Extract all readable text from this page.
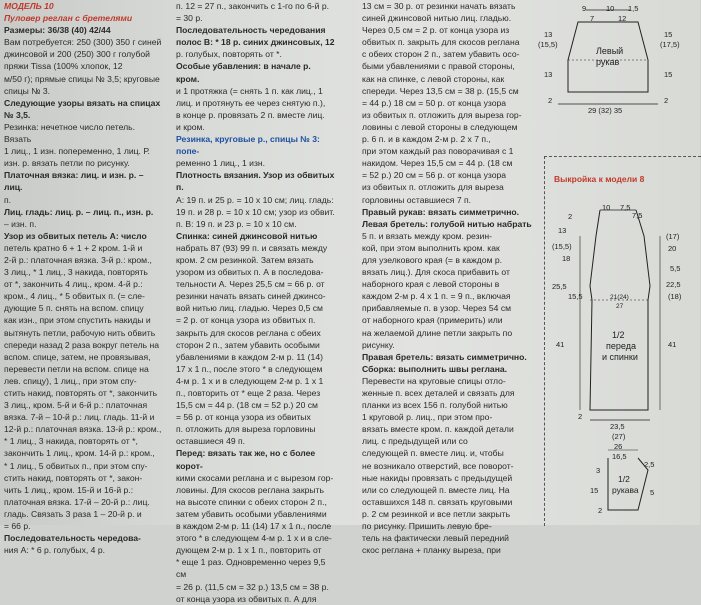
МОДЕЛЬ 10

Пуловер реглан с бретелями

Размеры: 36/38 (40) 42/44

Вам потребуется: 250 (300) 350 г синей

джинсовой и 200 (250) 300 г голубой

пряжи Tissa (100% хлопок, 12

м/50 г); прямые спицы № 3,5; круговые

спицы № 3.

Следующие узоры вязать на спицах

№ 3,5.

Резинка: нечетное число петель. Вязать

1 лиц., 1 изн. попеременно, 1 лиц. Р.

изн. р. вязать петли по рисунку.

Платочная вязка: лиц. и изн. р. – лиц.

п.

Лиц. гладь: лиц. р. – лиц. п., изн. р.

– изн. п.

Узор из обвитых петель А: число

петель кратно 6 + 1 + 2 кром. 1-й и

2-й р.: платочная вязка. 3-й р.: кром.,

3 лиц., * 1 лиц., 3 накида, повторять

от *, закончить 4 лиц., кром. 4-й р.:

кром., 4 лиц., * 5 обвитых п. (= сле-

дующие 5 п. снять на вспом. спицу

как изн., при этом спустить накиды и

вытянуть петли, рабочую нить обвить

спереди назад 2 раза вокруг петель на

вспом. спице, затем, не провязывая,

перевести петли на вспом. спице на

лев. спицу), 1 лиц., при этом спу-

стить накид, повторять от *, закончить

3 лиц., кром. 5-й и 6-й р.: платочная

вязка. 7-й – 10-й р.: лиц. гладь. 11-й и

12-й р.: платочная вязка. 13-й р.: кром.,

* 1 лиц., 3 накида, повторять от *,

закончить 1 лиц., кром. 14-й р.: кром.,

* 1 лиц., 5 обвитых п., при этом спу-

стить накид, повторять от *, закон-

чить 1 лиц., кром. 15-й и 16-й р.:

платочная вязка. 17-й – 20-й р.: лиц.

гладь. Связать 3 раза 1 – 20-й р. и

= 66 р.

Последовательность чередова-

ния А: * 6 р. голубых, 4 р.

п. 12 = 27 п., закончить с 1-го по 6-й р.

= 30 р.

Последовательность чередования

полос В: * 18 р. синих джинсовых, 12

р. голубых, повторять от *.

Особые убавления: в начале р. кром.

и 1 протяжка (= снять 1 п. как лиц., 1

лиц. и протянуть ее через снятую п.),

в конце р. провязать 2 п. вместе лиц.

и кром.

Резинка, круговые р., спицы № 3: попе-

ременно 1 лиц., 1 изн.

Плотность вязания. Узор из обвитых п.

А: 19 п. и 25 р. = 10 х 10 см; лиц. гладь:

19 п. и 28 р. = 10 х 10 см; узор из обвит.

п. В: 19 п. и 23 р. = 10 х 10 см.

Спинка: синей джинсовой нитью

набрать 87 (93) 99 п. и связать между

кром. 2 см резинкой. Затем вязать

узором из обвитых п. А в последова-

тельности А. Через 25,5 см = 66 р. от

резинки начать вязать синей джинсо-

вой нитью лиц. гладью. Через 0,5 см

= 2 р. от конца узора из обвитых п.

закрыть для скосов реглана с обеих

сторон 2 п., затем убавить особыми

убавлениями в каждом 2-м р. 11 (14)

17 х 1 п., после этого * в следующем

4-м р. 1 х и в следующем 2-м р. 1 х 1

п., повторить от * еще 2 раза. Через

15,5 см = 44 р. (18 см = 52 р.) 20 см

= 56 р. от конца узора из обвитых

п. отложить для выреза горловины

оставшиеся 49 п.

Перед: вязать так же, но с более корот-

кими скосами реглана и с вырезом гор-

ловины. Для скосов реглана закрыть

на высоте спинки с обеих сторон 2 п.,

затем убавить особыми убавлениями

в каждом 2-м р. 11 (14) 17 х 1 п., после

этого * в следующем 4-м р. 1 х и в сле-

дующем 2-м р. 1 х 1 п., повторить от

* еще 1 раз. Одновременно через 9,5 см

= 26 р. (11,5 см = 32 р.) 13,5 см = 38 р.

от конца узора из обвитых п. А для

13 см = 30 р. от резинки начать вязать

синей джинсовой нитью лиц. гладью.

Через 0,5 см = 2 р. от конца узора из

обвитых п. закрыть для скосов реглана

с обеих сторон 2 п., затем убавить осо-

быми убавлениями с правой стороны,

как на спинке, с левой стороны, как

спереди. Через 13,5 см = 38 р. (15,5 см

= 44 р.) 18 см = 50 р. от конца узора

из обвитых п. отложить для выреза гор-

ловины с левой стороны в следующем

р. 6 п. и в каждом 2-м р. 2 х 7 п.,

при этом каждый раз поворачивая с 1

накидом. Через 15,5 см = 44 р. (18 см

= 52 р.) 20 см = 56 р. от конца узора

из обвитых п. отложить для выреза

горловины оставшиеся 7 п.

Правый рукав: вязать симметрично.

Левая бретель: голубой нитью набрать

5 п. и вязать между кром. резин-

кой, при этом выполнить кром. как

для узелкового края (= в каждом р.

вязать лиц.). Для скоса прибавить от

наборного края с левой стороны в

каждом 2-м р. 4 х 1 п. = 9 п., включая

прибавляемые п. в узор. Через 54 см

от наборного края (примерить) или

на желаемой длине петли закрыть по

рисунку.

Правая бретель: вязать симметрично.

Сборка: выполнить швы реглана.

Перевести на круговые спицы отло-

женные п. всех деталей и связать для

планки из всех 156 п. голубой нитью

1 круговой р. лиц., при этом про-

вязать вместе кром. п. каждой детали

лиц. с предыдущей или со

следующей п. вместе лиц. и, чтобы

не возникало отверстий, все поворот-

ные накиды провязать с предыдущей

или со следующей п. вместе лиц. На

оставшихся 148 п. связать круговыми

р. 2 см резинкой и все петли закрыть

по рисунку. Пришить левую бре-

тель на фактически левый передний

скос реглана + планку выреза, при

Левый
рукав
9	10 1,5
7	12
13
(15,5)	(17,5)
15
13	15
2	2
29 (32) 35
Выкройка к модели 8
10 7,5
7,5
2
13
(15,5)
18
(17)
20
5,5
25,5	22,5
(18)
15,5	21(24)
27
41	41
1/2
переда
и спинки
2
23,5
(27)
26
16,5
2,5
1/2
рукава
3
15	5
2
